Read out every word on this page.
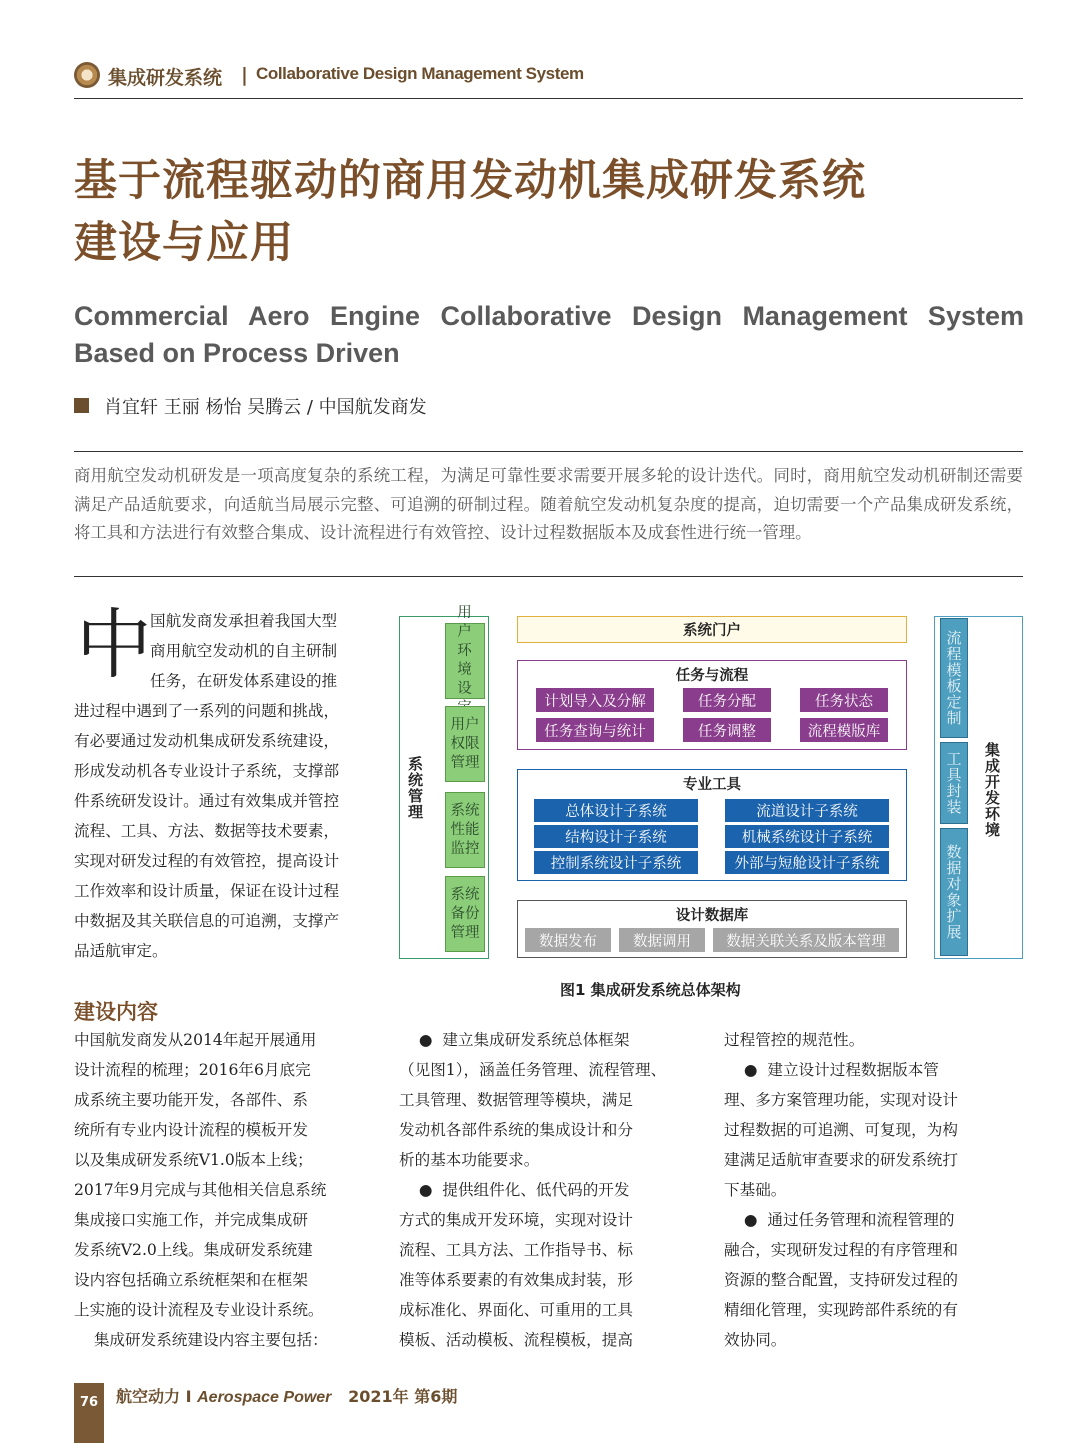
集成研发系统 | Collaborative Design Management System
基于流程驱动的商用发动机集成研发系统
建设与应用
Commercial Aero Engine Collaborative Design Management System
Based on Process Driven
肖宜轩 王丽 杨怡 吴腾云 / 中国航发商发
商用航空发动机研发是一项高度复杂的系统工程，为满足可靠性要求需要开展多轮的设计迭代。同时，商用航空发动机研制还需要满足产品适航要求，向适航当局展示完整、可追溯的研制过程。随着航空发动机复杂度的提高，迫切需要一个产品集成研发系统，将工具和方法进行有效整合集成、设计流程进行有效管控、设计过程数据版本及成套性进行统一管理。
中
国航发商发承担着我国大型
商用航空发动机的自主研制
任务，在研发体系建设的推
进过程中遇到了一系列的问题和挑战，
有必要通过发动机集成研发系统建设，
形成发动机各专业设计子系统，支撑部
件系统研发设计。通过有效集成并管控
流程、工具、方法、数据等技术要素，
实现对研发过程的有效管控，提高设计
工作效率和设计质量，保证在设计过程
中数据及其关联信息的可追溯，支撑产
品适航审定。
系统管理
用户环境设
用户权限管理
系统性能监控
系统备份管理
系统门户
任务与流程
计划导入及分解	任务分配	任务状态
任务查询与统计	任务调整	流程模版库
专业工具
总体设计子系统	流道设计子系统
结构设计子系统	机械系统设计子系统
控制系统设计子系统	外部与短舱设计子系统
设计数据库
数据发布	数据调用	数据关联关系及版本管理
流程模板定制
工具封装
数据对象扩展
集成开发环境
图1 集成研发系统总体架构
建设内容
中国航发商发从2014年起开展通用
设计流程的梳理；2016年6月底完
成系统主要功能开发，各部件、系
统所有专业内设计流程的模板开发
以及集成研发系统V1.0版本上线；
2017年9月完成与其他相关信息系统
集成接口实施工作，并完成集成研
发系统V2.0上线。集成研发系统建
设内容包括确立系统框架和在框架
上实施的设计流程及专业设计系统。
集成研发系统建设内容主要包括：
●  建立集成研发系统总体框架
（见图1），涵盖任务管理、流程管理、
工具管理、数据管理等模块，满足
发动机各部件系统的集成设计和分
析的基本功能要求。
●  提供组件化、低代码的开发
方式的集成开发环境，实现对设计
流程、工具方法、工作指导书、标
准等体系要素的有效集成封装，形
成标准化、界面化、可重用的工具
模板、活动模板、流程模板，提高
过程管控的规范性。
●  建立设计过程数据版本管
理、多方案管理功能，实现对设计
过程数据的可追溯、可复现，为构
建满足适航审查要求的研发系统打
下基础。
●  通过任务管理和流程管理的
融合，实现研发过程的有序管理和
资源的整合配置，支持研发过程的
精细化管理，实现跨部件系统的有
效协同。
76	航空动力 I Aerospace Power 2021年 第6期
